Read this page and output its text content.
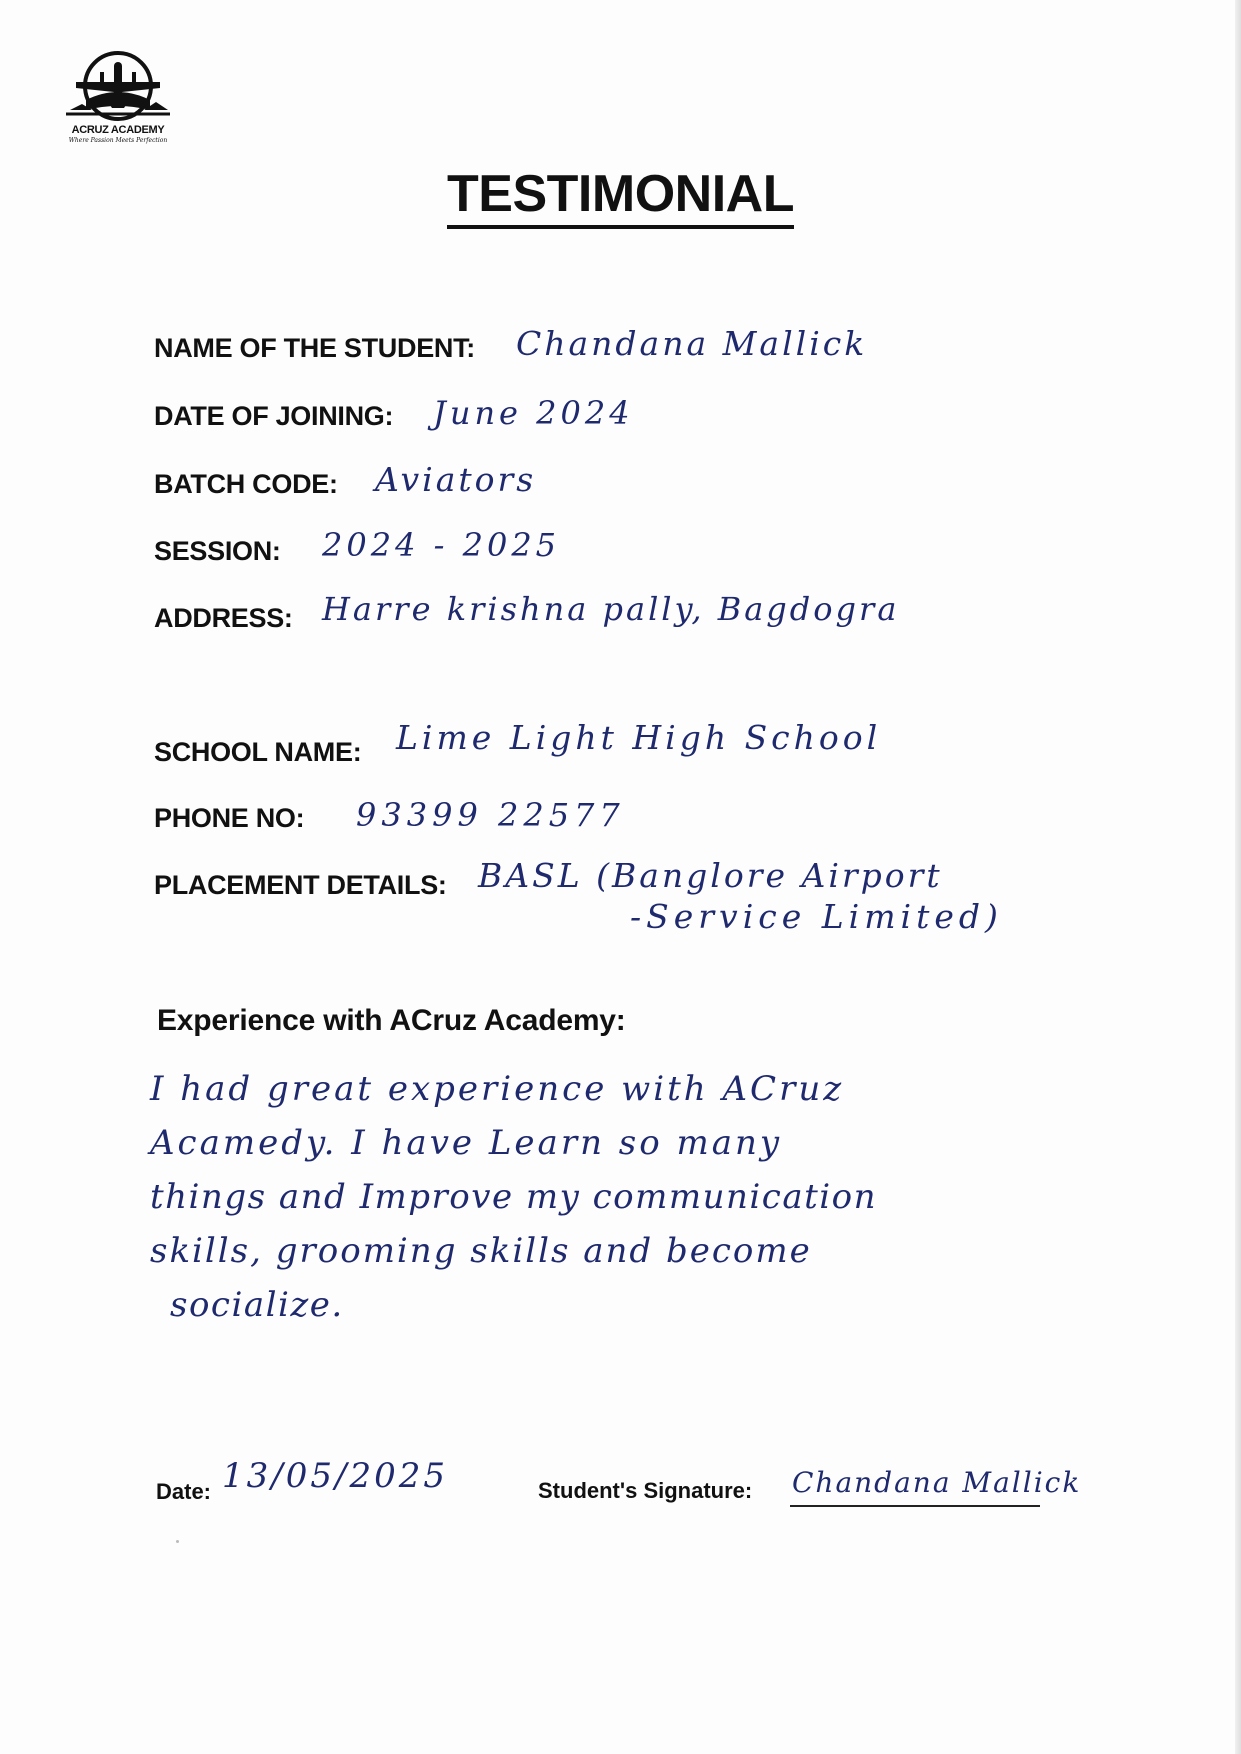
ACRUZ ACADEMY
Where Passion Meets Perfection
TESTIMONIAL
NAME OF THE STUDENT: Chandana Mallick
DATE OF JOINING: June 2024
BATCH CODE: Aviators
SESSION: 2024 - 2025
ADDRESS: Harre krishna pally, Bagdogra
SCHOOL NAME: Lime Light High School
PHONE NO: 93399 22577
PLACEMENT DETAILS: BASL (Banglore Airport
-Service Limited)
Experience with ACruz Academy:
I had great experience with ACruz
Acamedy. I have Learn so many
things and Improve my communication
skills, grooming skills and become
socialize.
Date: 13/05/2025	Student's Signature: Chandana Mallick
